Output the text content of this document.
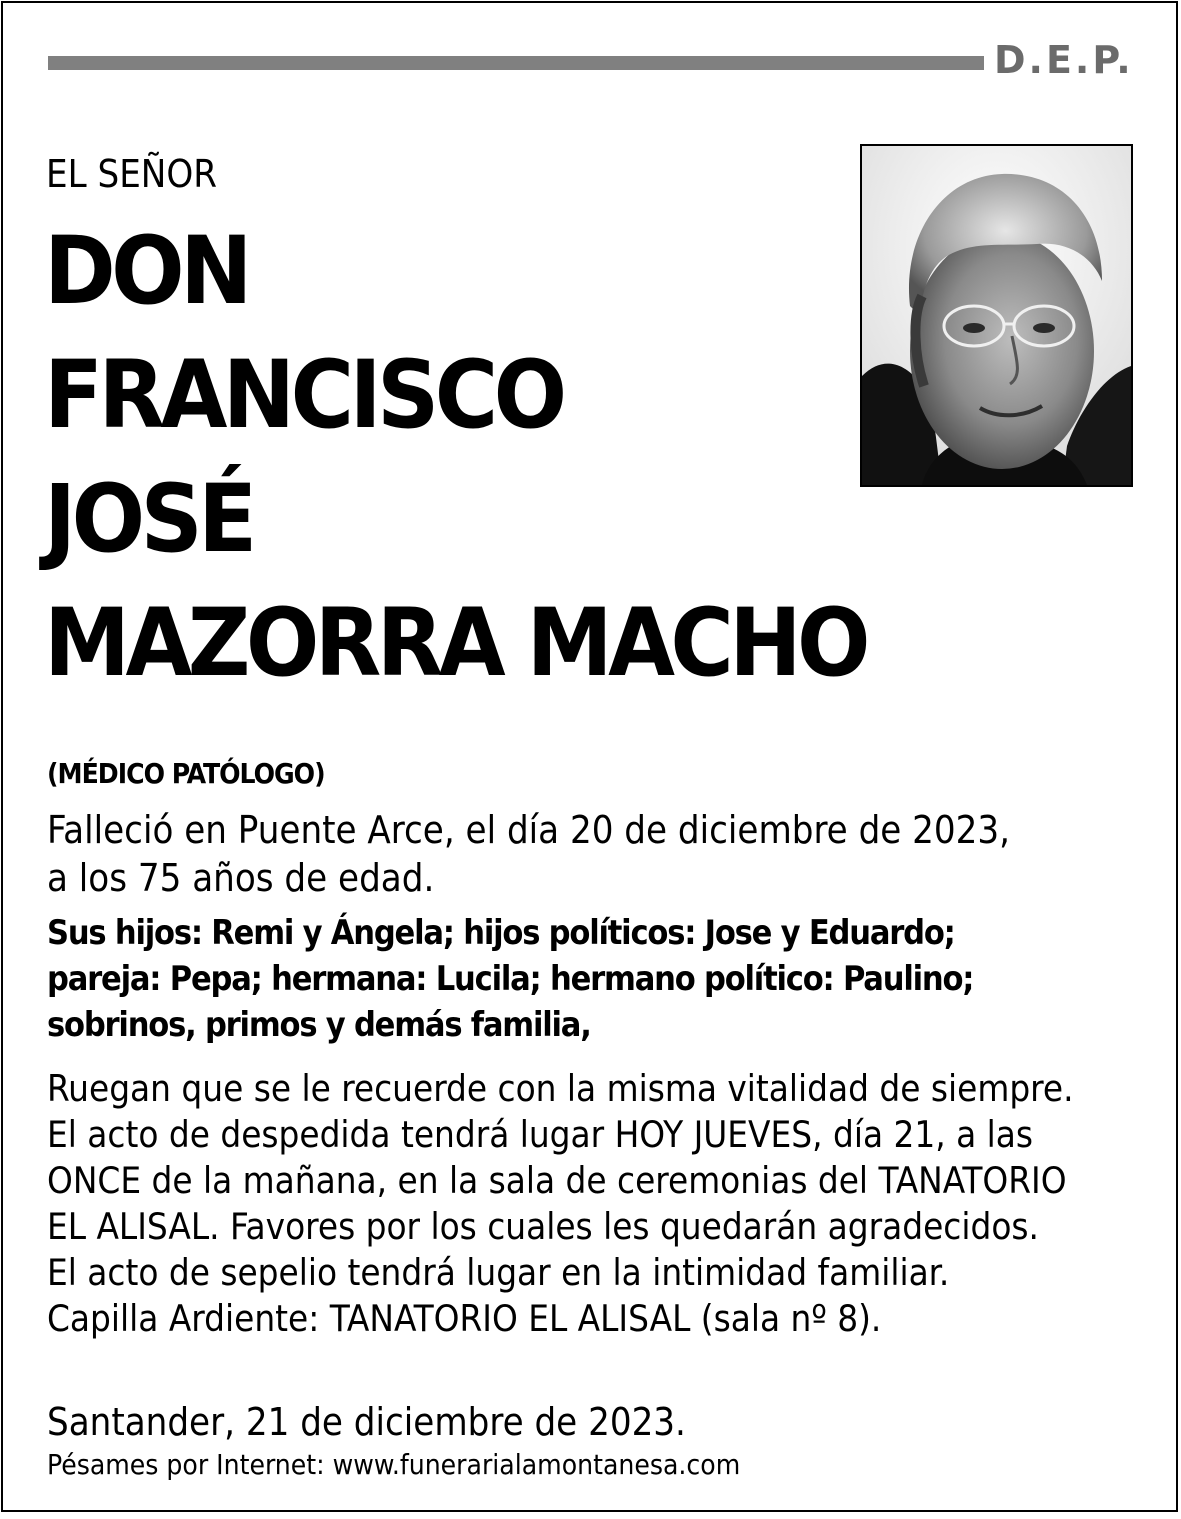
D.E.P.
EL SEÑOR
DON
FRANCISCO
JOSÉ
MAZORRA MACHO
(MÉDICO PATÓLOGO)
Falleció en Puente Arce, el día 20 de diciembre de 2023,
a los 75 años de edad.
Sus hijos: Remi y Ángela; hijos políticos: Jose y Eduardo;
pareja: Pepa; hermana: Lucila; hermano político: Paulino;
sobrinos, primos y demás familia,
Ruegan que se le recuerde con la misma vitalidad de siempre.
El acto de despedida tendrá lugar HOY JUEVES, día 21, a las
ONCE de la mañana, en la sala de ceremonias del TANATORIO
EL ALISAL. Favores por los cuales les quedarán agradecidos.
El acto de sepelio tendrá lugar en la intimidad familiar.
Capilla Ardiente: TANATORIO EL ALISAL (sala nº 8).
Santander, 21 de diciembre de 2023.
Pésames por Internet: www.funerarialamontanesa.com
